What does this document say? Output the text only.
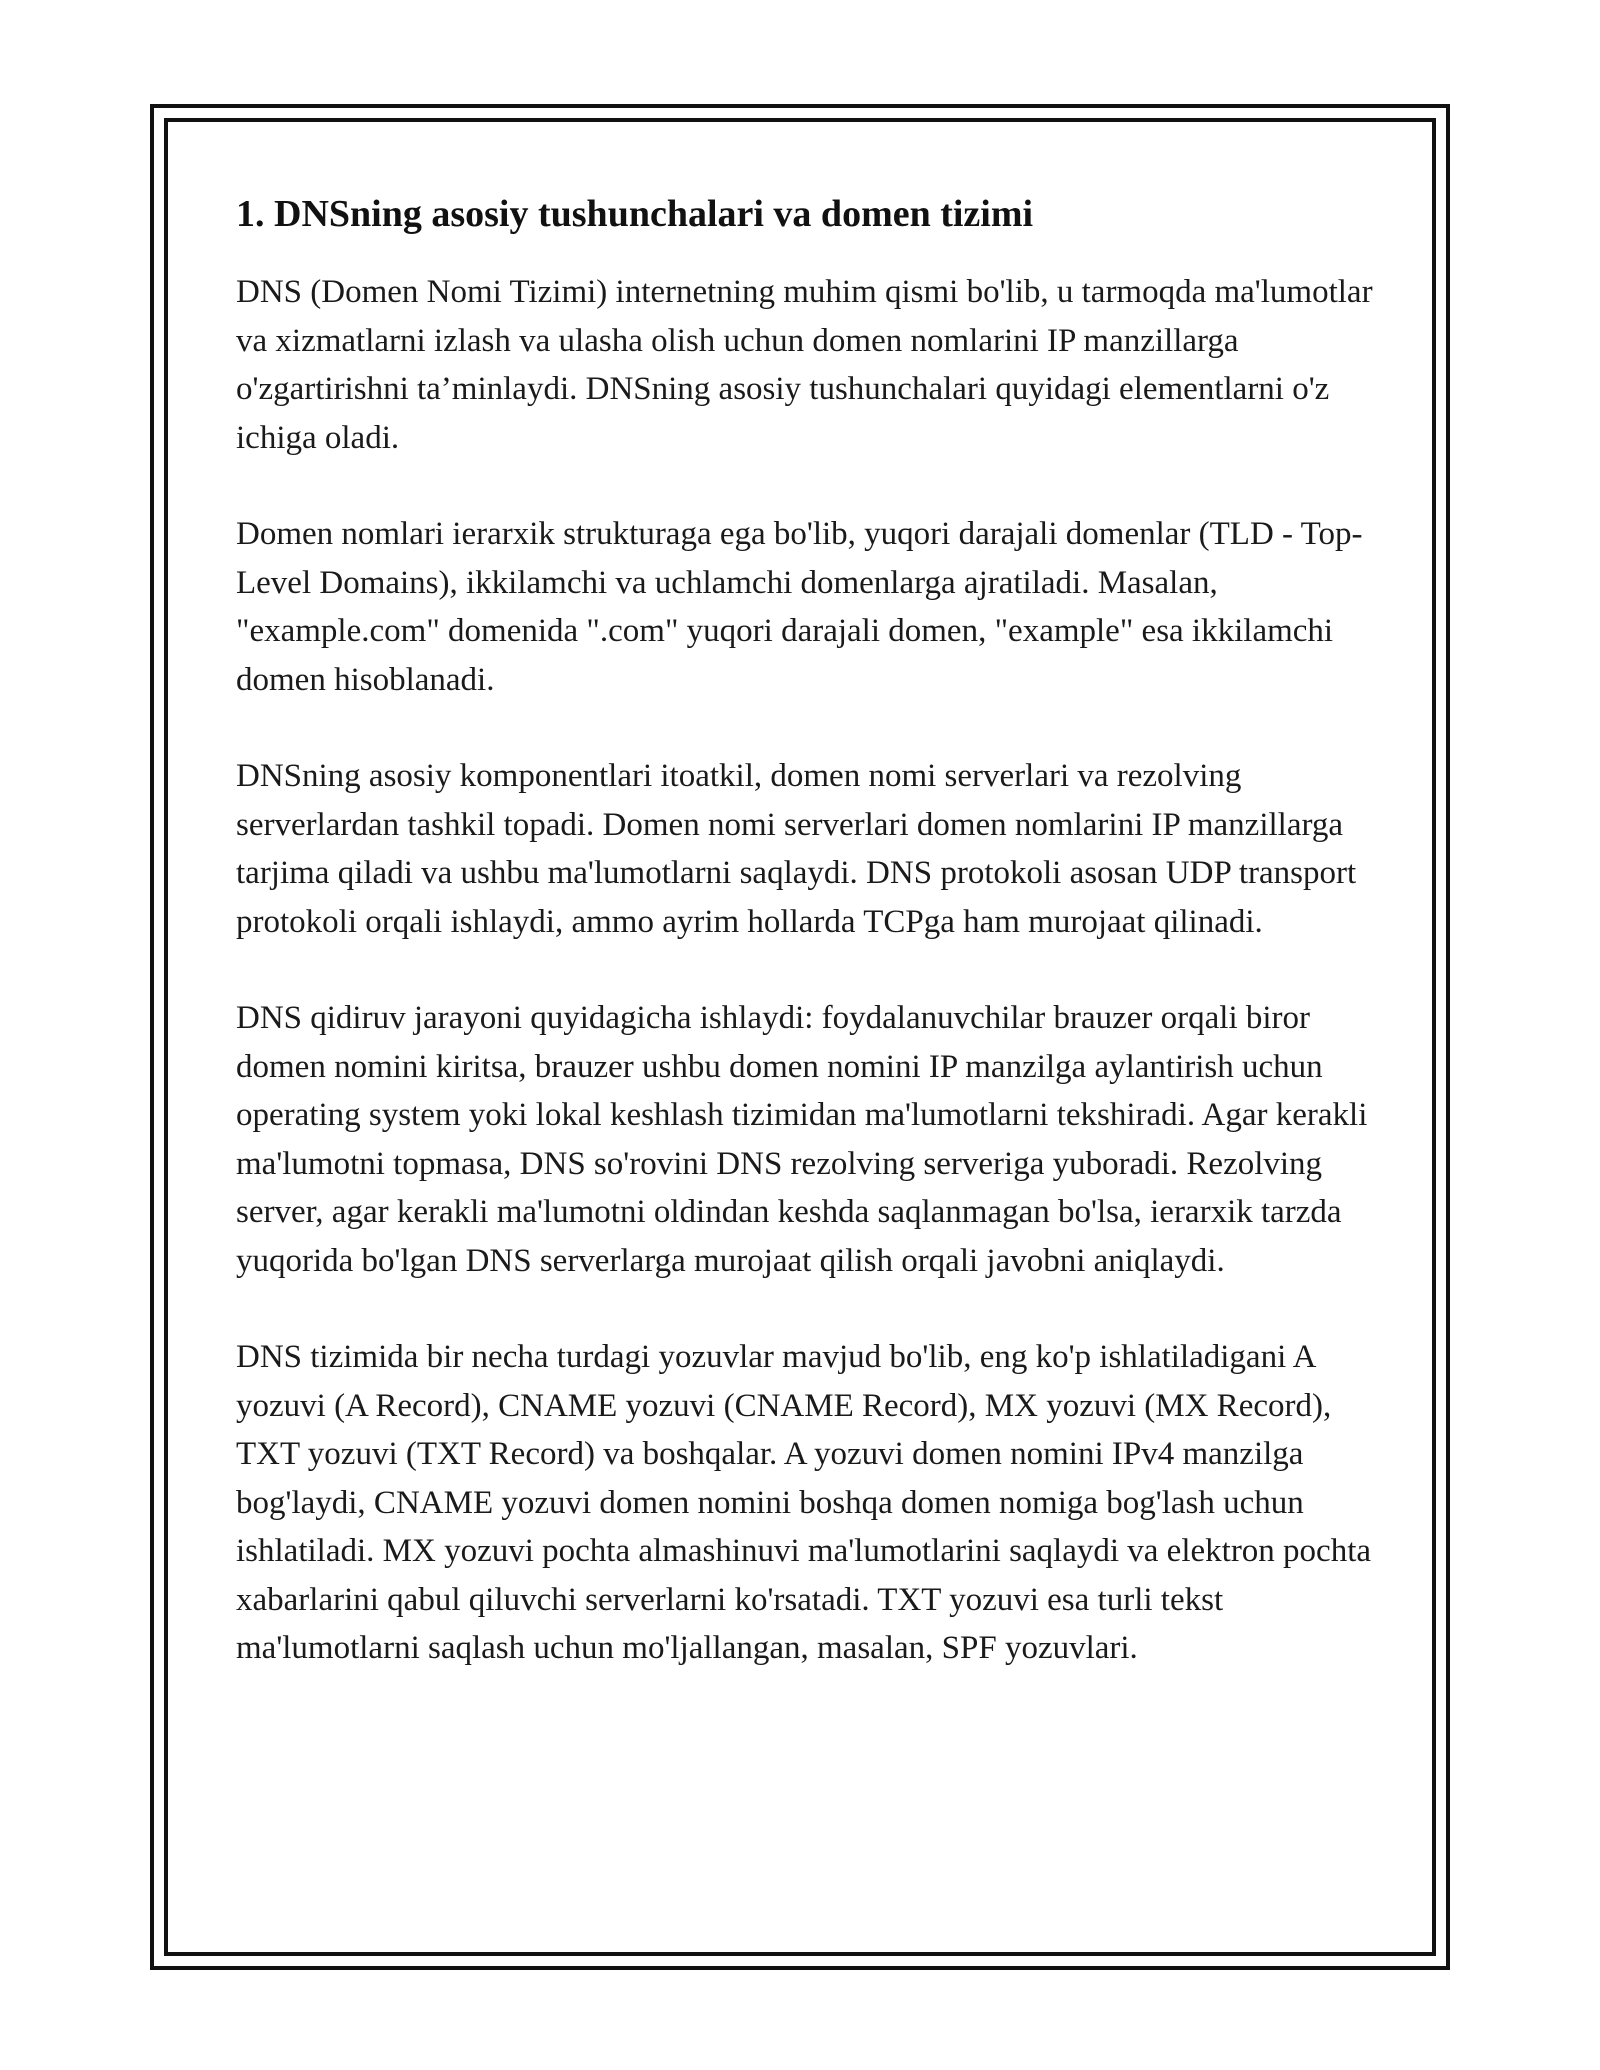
1. DNSning asosiy tushunchalari va domen tizimi

DNS (Domen Nomi Tizimi) internetning muhim qismi bo'lib, u tarmoqda ma'lumotlar va xizmatlarni izlash va ulasha olish uchun domen nomlarini IP manzillarga o'zgartirishni ta’minlaydi. DNSning asosiy tushunchalari quyidagi elementlarni o'z ichiga oladi.

Domen nomlari ierarxik strukturaga ega bo'lib, yuqori darajali domenlar (TLD - Top-Level Domains), ikkilamchi va uchlamchi domenlarga ajratiladi. Masalan, "example.com" domenida ".com" yuqori darajali domen, "example" esa ikkilamchi domen hisoblanadi.

DNSning asosiy komponentlari itoatkil, domen nomi serverlari va rezolving serverlardan tashkil topadi. Domen nomi serverlari domen nomlarini IP manzillarga tarjima qiladi va ushbu ma'lumotlarni saqlaydi. DNS protokoli asosan UDP transport protokoli orqali ishlaydi, ammo ayrim hollarda TCPga ham murojaat qilinadi.

DNS qidiruv jarayoni quyidagicha ishlaydi: foydalanuvchilar brauzer orqali biror domen nomini kiritsa, brauzer ushbu domen nomini IP manzilga aylantirish uchun operating system yoki lokal keshlash tizimidan ma'lumotlarni tekshiradi. Agar kerakli ma'lumotni topmasa, DNS so'rovini DNS rezolving serveriga yuboradi. Rezolving server, agar kerakli ma'lumotni oldindan keshda saqlanmagan bo'lsa, ierarxik tarzda yuqorida bo'lgan DNS serverlarga murojaat qilish orqali javobni aniqlaydi.

DNS tizimida bir necha turdagi yozuvlar mavjud bo'lib, eng ko'p ishlatiladigani A yozuvi (A Record), CNAME yozuvi (CNAME Record), MX yozuvi (MX Record), TXT yozuvi (TXT Record) va boshqalar. A yozuvi domen nomini IPv4 manzilga bog'laydi, CNAME yozuvi domen nomini boshqa domen nomiga bog'lash uchun ishlatiladi. MX yozuvi pochta almashinuvi ma'lumotlarini saqlaydi va elektron pochta xabarlarini qabul qiluvchi serverlarni ko'rsatadi. TXT yozuvi esa turli tekst ma'lumotlarni saqlash uchun mo'ljallangan, masalan, SPF yozuvlari.
